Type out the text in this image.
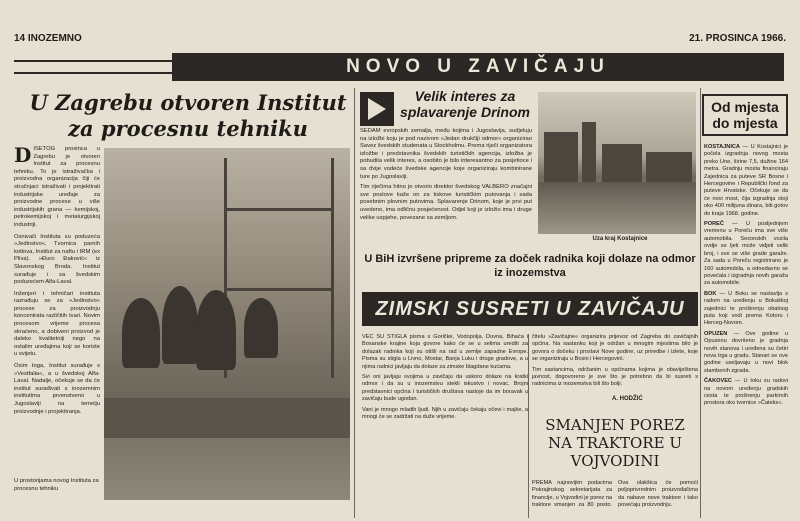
14 INOZEMNO	21. PROSINCA 1966.
NOVO U ZAVIČAJU
U Zagrebu otvoren Institut za procesnu tehniku

DISETOG prosinca u Zagrebu je otvoren Institut za procesnu tehniku. To je istraživačka i proizvodna organizacija čiji će stručnjaci istraživati i projektirati industrijske uređaje za proizvodne procese u više industrijskih grana — kemijskoj, petrokemijskoj i metalurgijskoj industriji.

Osnivači Instituta su poduzeća »Jedinstvo«, Tvornica parnih kotlova, Institut za naftu i IRM (ex Pliva). »Đuro Đaković« iz Slavonskog Broda. Institut surađuje i sa švedskim poduzećem Alfa-Laval.

Inženjeri i tehničari instituta razrađuju se za »Jedinstvo« procese za proizvodnju koncentrata različitih tvari. Novim procesom vrijeme procesa skraćeno, a dobiveni proizvod je daleko kvalitetniji nego na ostalim uređajima koji se koriste u svijetu.

Osim toga, Institut surađuje s »Vestfalia«, a u švedskoj Alfa-Laval. Nadalje, očekuje se da će institut surađivati s inozemnim institutima prvenstveno u Jugoslaviji na temelju proizvodnje i projektiranja.

U prostorijama novog Instituta za procesnu tehniku
Velik interes za splavarenje Drinom

SEDAM evropskih zemalja, među kojima i Jugoslavija, sudjeluju na izložbi koju je pod nazivom »Jedan drukčiji odmor« organizirao Savez švedskih studenata u Stockholmu. Prema riječi organizatora izložbe i predstavnika švedskih turističkih agencija, izložba je pobudila velik interes, a osobito je bilo interesantno za posjetioce i sa dvije vodeće švedske agencije koje organiziraju kombinirane ture po Jugoslaviji.

Tim riječima hitno je otvorio direktor švedskog VALBERO značajni sve poslove kaže on za tiskove turističkim putovanja i sada posebnim plovnim putovima. Splavarenje Drinom, koje je prvi put uvedeno, ima odličnu posjećenost. Odjel koji je izložio ima i druge velike uspjehe, povezane sa zemljom.

Uza kraj Kostajnice
Od mjesta do mjesta

KOSTAJNICA — U Kostajnici je počela izgradnja novog mosta preko Une, širine 7,5, dužine 164 metra. Gradnju mosta financiraju Zajednica za puteve SR Bosne i Hercegovine i Republički fond za puteve Hrvatske. Očekuje se da će novi most, čija izgradnja stoji oko 400 milijuna dinara, biti gotov do kraja 1968. godine.

POREČ — U posljednjem vremenu u Poreču ima sve više automobila. Sezonskih vozila ovdje se ljeti može vidjeti velik broj, i sve se više grade garaže. Za sada u Poreču registrirano je 160 automobila, a odnedavno se povećala i izgradnja novih garaža za automobile.

BOK — U Boku se nastavlja s radom na uređenju u Bokaškoj zajednici te proširenju obalnog puta koji vodi prema Kotoru i Herceg-Novom.

OPUZEN — Ove godine u Opuzenu dovršeno je gradnja novih stanova i uređena su četiri nova trga u gradu. Stanari se ove godine useljavaju u novi blok stambenih zgrada.

ČAKOVEC — U toku su radovi na novom uređenju gradskih cesta te proširenju parkirnih prostora oko tvornice »Čateks«.

U BiH izvršene pripreme za doček radnika koji dolaze na odmor iz inozemstva
ZIMSKI SUSRETI U ZAVIČAJU

VEĆ SU STIGLA pisma s Goričke, Vodopolja, Duvna, Bihaća i Bosanske krajine koja govore kako će se u selima urediti za dolazak radnika koji su otišli na rad u zemlje zapadne Evrope. Pisma su stigla u Livno, Mostar, Banja Luku i druge gradove, a u njima radnici javljaju da dolaze za zimske blagdane kućama.

Svi oni javljaju svojima u zavičaju da uskoro dolaze na kratki odmor i da su u inozemstvu stekli iskustvo i novac. Brojni predstavnici općina i turističkih društava nastoje da im boravak u zavičaju bude ugodan.

Vani je mnogo mladih ljudi. Njih u zavičaju čekaju očevi i majke, a mnogi će se zadržati na duže vrijeme.

čitelu »Zavičajne« organizira prijevoz od Zagreba do zavičajnih općina. Na sastanku koji je održan u mnogim mjestima bilo je govora o dočeku i proslavi Nove godine, uz priredbe i izlete, koje se organiziraju u Bosni i Hercegovini.

Tim sastancima, održanim u općinama kojima je obaviještena javnost, dogovoreno je sve što je potrebno da bi susreti s radnicima iz inozemstva bili što bolji.

A. HODŽIĆ
SMANJEN POREZ NA TRAKTORE U VOJVODINI
PREMA najnovijim podacima Pokrajinskog sekretarijata za financije, u Vojvodini je porez na traktore smanjen za 80 posto. Ova olakšica će pomoći poljoprivrednim proizvođačima da nabave nove traktore i tako povećaju proizvodnju.
